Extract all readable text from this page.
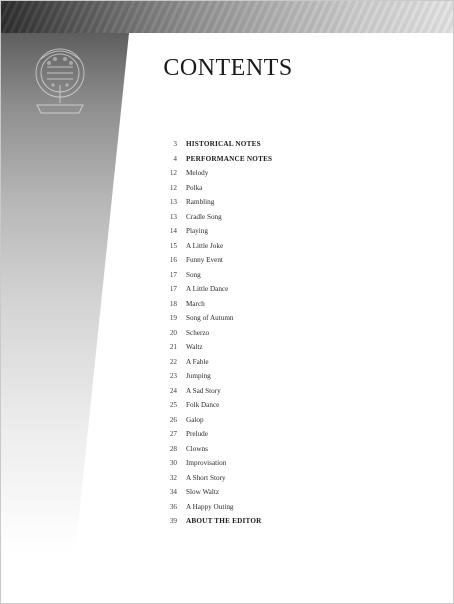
CONTENTS
3 HISTORICAL NOTES
4 PERFORMANCE NOTES
12 Melody
12 Polka
13 Rambling
13 Cradle Song
14 Playing
15 A Little Joke
16 Funny Event
17 Song
17 A Little Dance
18 March
19 Song of Autumn
20 Scherzo
21 Waltz
22 A Fable
23 Jumping
24 A Sad Story
25 Folk Dance
26 Galop
27 Prelude
28 Clowns
30 Improvisation
32 A Short Story
34 Slow Waltz
36 A Happy Outing
39 ABOUT THE EDITOR
